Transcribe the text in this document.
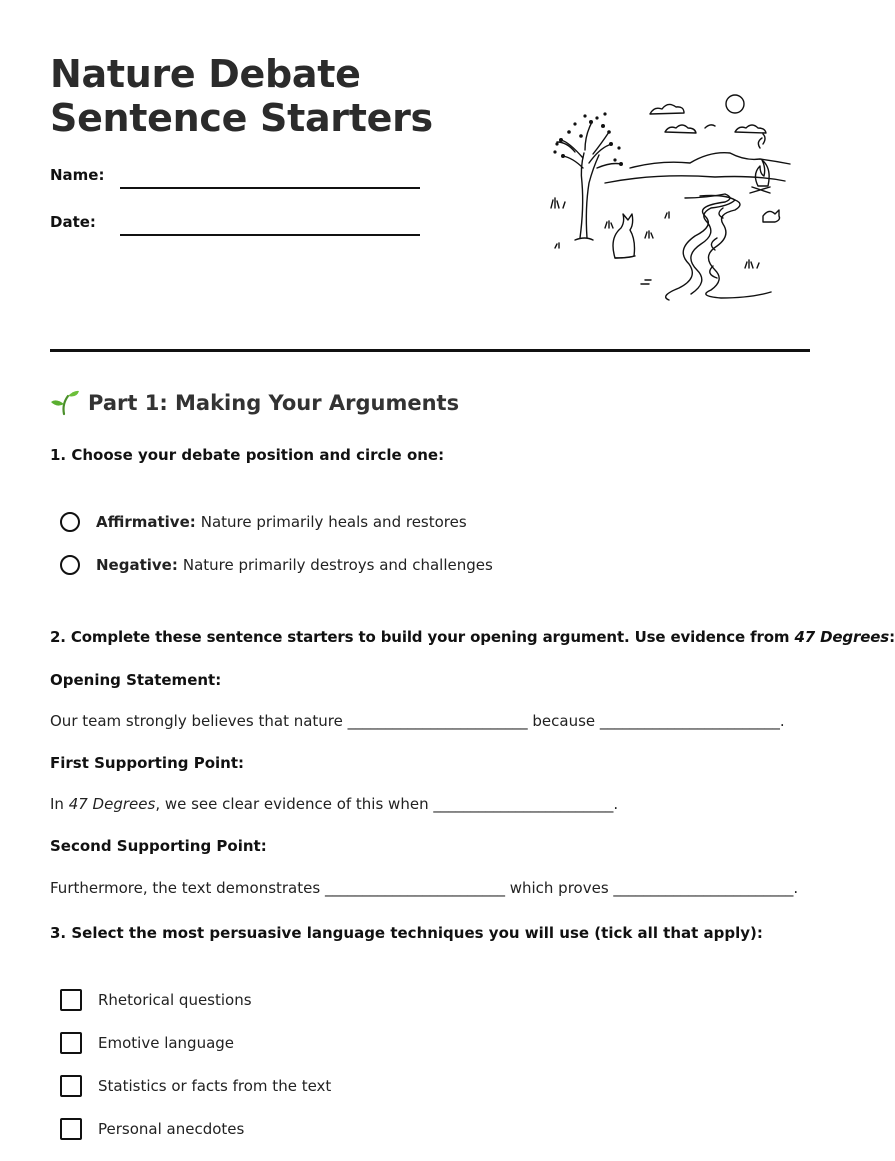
Nature Debate Sentence Starters
Name:
Date:
Part 1: Making Your Arguments
1. Choose your debate position and circle one:
Affirmative: Nature primarily heals and restores
Negative: Nature primarily destroys and challenges
2. Complete these sentence starters to build your opening argument. Use evidence from 47 Degrees:
Opening Statement:
Our team strongly believes that nature ________________________ because ________________________.
First Supporting Point:
In 47 Degrees, we see clear evidence of this when ________________________.
Second Supporting Point:
Furthermore, the text demonstrates ________________________ which proves ________________________.
3. Select the most persuasive language techniques you will use (tick all that apply):
Rhetorical questions
Emotive language
Statistics or facts from the text
Personal anecdotes
